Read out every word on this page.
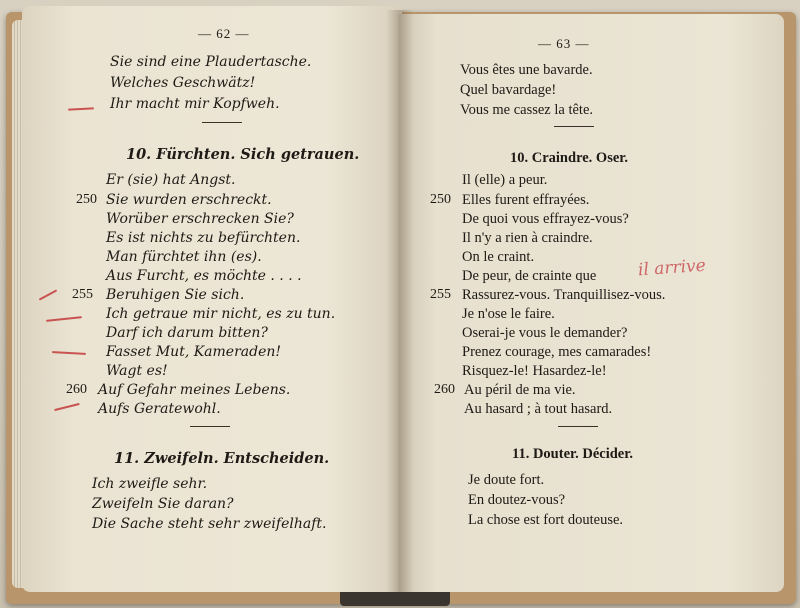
— 62 —
Sie sind eine Plaudertasche.
Welches Geschwätz!
Ihr macht mir Kopfweh.
10. Fürchten. Sich getrauen.
Er (sie) hat Angst.
250 Sie wurden erschreckt.
Worüber erschrecken Sie?
Es ist nichts zu befürchten.
Man fürchtet ihn (es).
Aus Furcht, es möchte . . . .
255 Beruhigen Sie sich.
Ich getraue mir nicht, es zu tun.
Darf ich darum bitten?
Fasset Mut, Kameraden!
Wagt es!
260 Auf Gefahr meines Lebens.
Aufs Geratewohl.
11. Zweifeln. Entscheiden.
Ich zweifle sehr.
Zweifeln Sie daran?
Die Sache steht sehr zweifelhaft.
— 63 —
Vous êtes une bavarde.
Quel bavardage!
Vous me cassez la tête.
10. Craindre. Oser.
Il (elle) a peur.
250 Elles furent effrayées.
De quoi vous effrayez-vous?
Il n'y a rien à craindre.
On le craint.
De peur, de crainte que il arrive
255 Rassurez-vous. Tranquillisez-vous.
Je n'ose le faire.
Oserai-je vous le demander?
Prenez courage, mes camarades!
Risquez-le! Hasardez-le!
260 Au péril de ma vie.
Au hasard ; à tout hasard.
11. Douter. Décider.
Je doute fort.
En doutez-vous?
La chose est fort douteuse.
